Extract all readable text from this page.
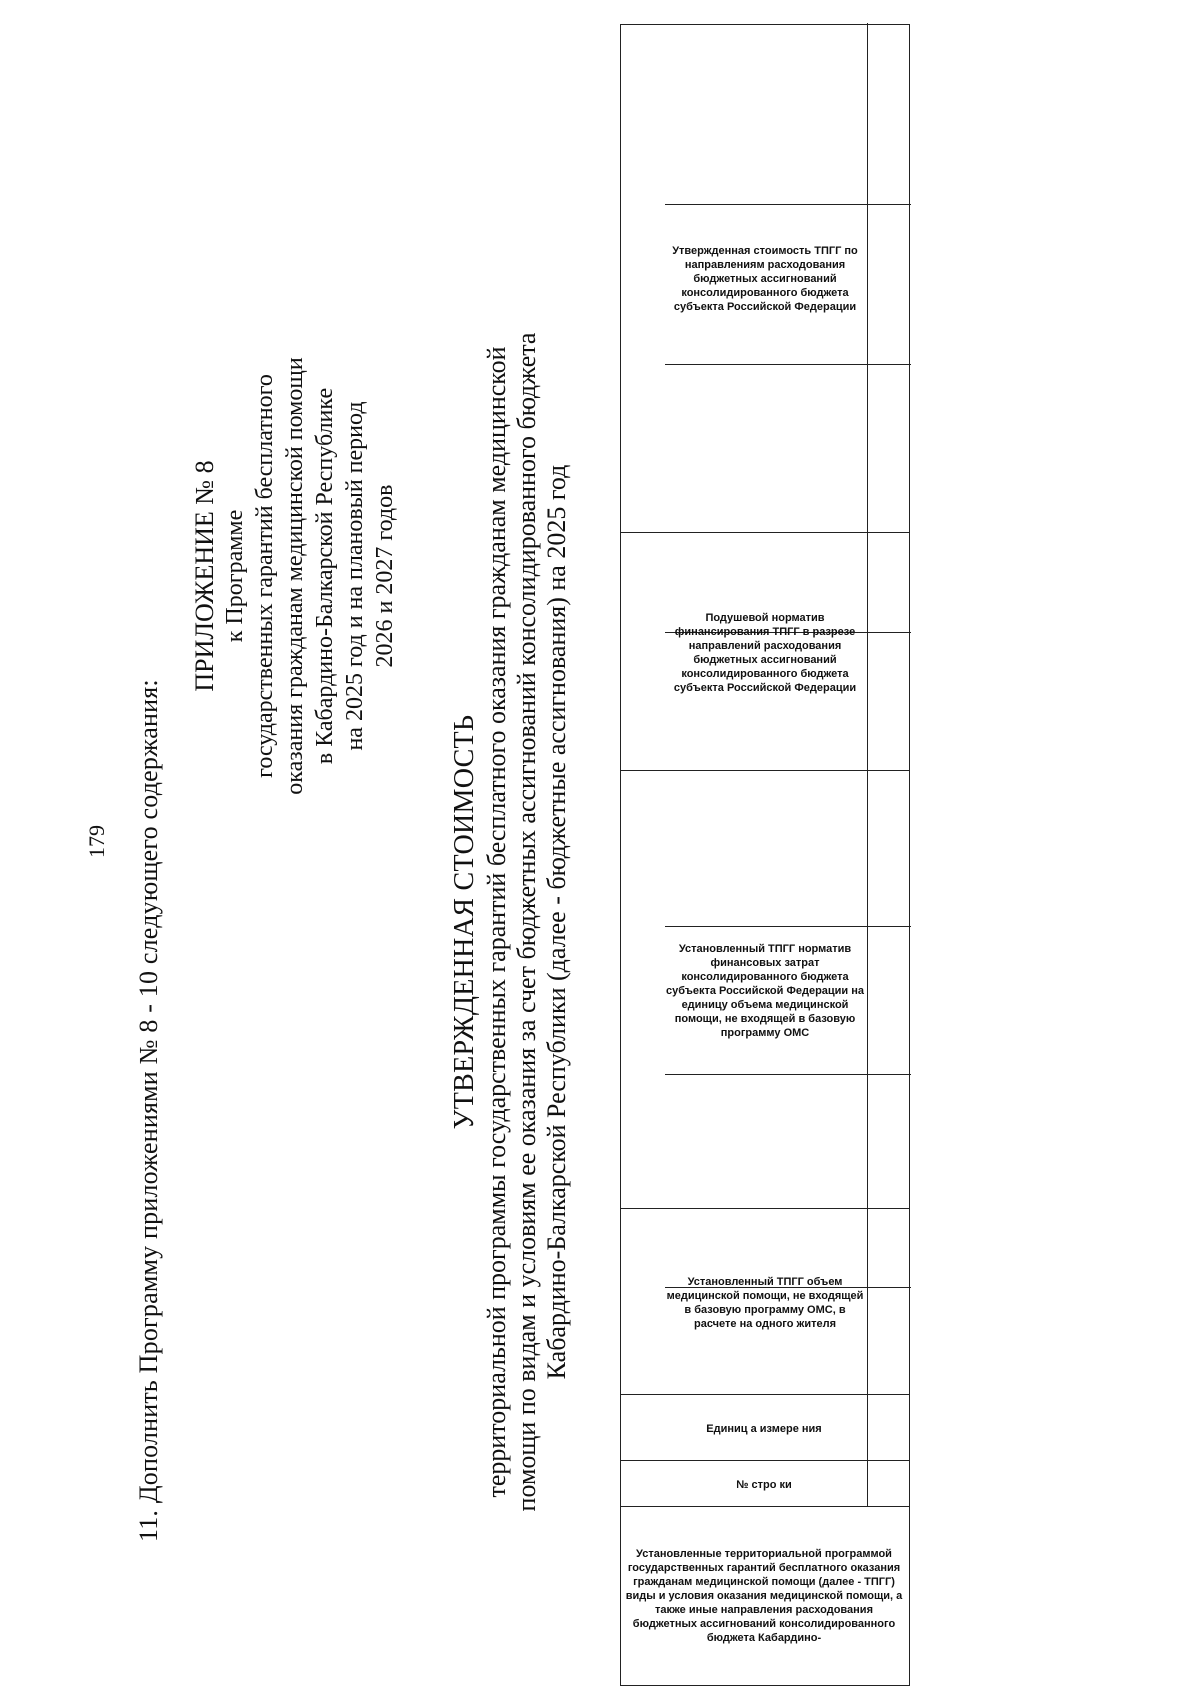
179 11. Дополнить Программу приложениями № 8 - 10 следующего содержания:
ПРИЛОЖЕНИЕ № 8 к Программе государственных гарантий бесплатного оказания гражданам медицинской помощи в Кабардино-Балкарской Республике на 2025 год и на плановый период 2026 и 2027 годов
УТВЕРЖДЕННАЯ СТОИМОСТЬ территориальной программы государственных гарантий бесплатного оказания гражданам медицинской помощи по видам и условиям ее оказания за счет бюджетных ассигнований консолидированного бюджета Кабардино-Балкарской Республики (далее - бюджетные ассигнования) на 2025 год
Установленные территориальной программой государственных гарантий бесплатного оказания гражданам медицинской помощи (далее - ТПГГ) виды и условия оказания медицинской помощи, а также иные направления расходования бюджетных ассигнований консолидированного бюджета Кабардино-
№ стро ки
Единиц а измере ния
Установленный ТПГГ объем медицинской помощи, не входящей в базовую программу ОМС, в расчете на одного жителя
Установленный ТПГГ норматив финансовых затрат консолидированного бюджета субъекта Российской Федерации на единицу объема медицинской помощи, не входящей в базовую программу ОМС
Подушевой норматив финансирования ТПГГ в разрезе направлений расходования бюджетных ассигнований консолидированного бюджета субъекта Российской Федерации
Утвержденная стоимость ТПГГ по направлениям расходования бюджетных ассигнований консолидированного бюджета субъекта Российской Федерации
